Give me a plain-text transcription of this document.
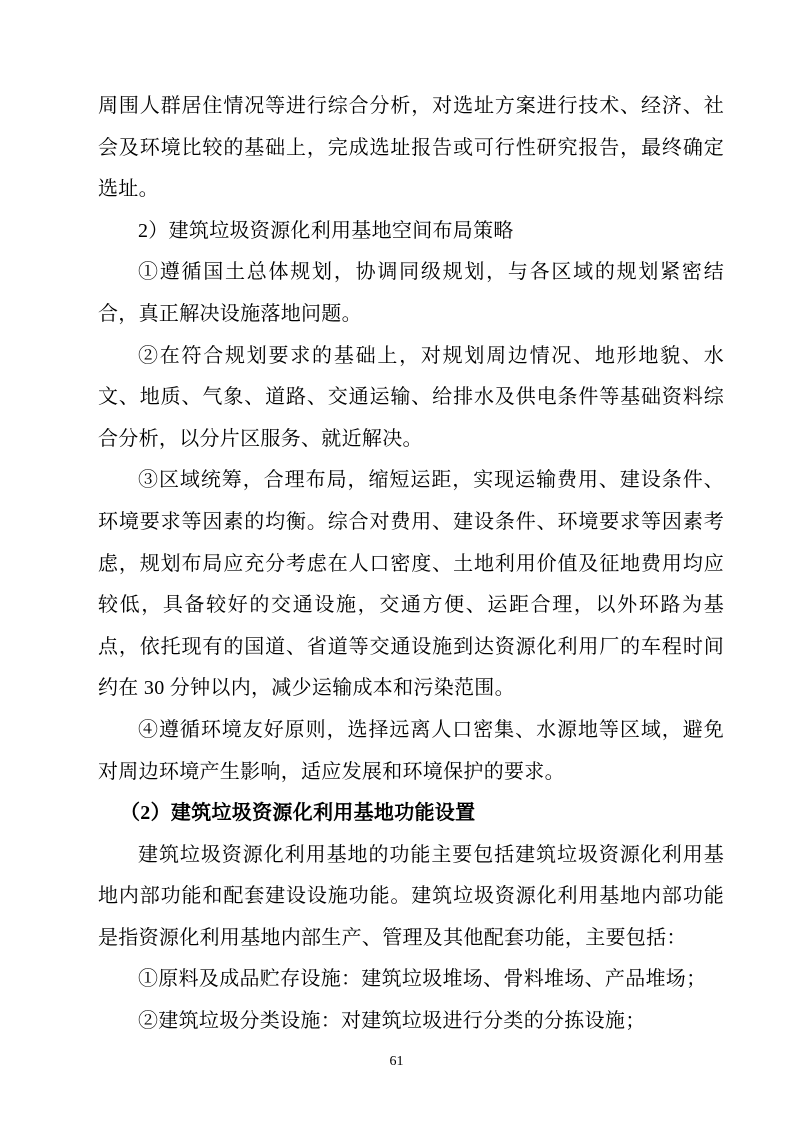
周围人群居住情况等进行综合分析，对选址方案进行技术、经济、社会及环境比较的基础上，完成选址报告或可行性研究报告，最终确定选址。

2）建筑垃圾资源化利用基地空间布局策略

①遵循国土总体规划，协调同级规划，与各区域的规划紧密结合，真正解决设施落地问题。

②在符合规划要求的基础上，对规划周边情况、地形地貌、水文、地质、气象、道路、交通运输、给排水及供电条件等基础资料综合分析，以分片区服务、就近解决。

③区域统筹，合理布局，缩短运距，实现运输费用、建设条件、环境要求等因素的均衡。综合对费用、建设条件、环境要求等因素考虑，规划布局应充分考虑在人口密度、土地利用价值及征地费用均应较低，具备较好的交通设施，交通方便、运距合理，以外环路为基点，依托现有的国道、省道等交通设施到达资源化利用厂的车程时间约在 30 分钟以内，减少运输成本和污染范围。

④遵循环境友好原则，选择远离人口密集、水源地等区域，避免对周边环境产生影响，适应发展和环境保护的要求。

（2）建筑垃圾资源化利用基地功能设置

建筑垃圾资源化利用基地的功能主要包括建筑垃圾资源化利用基地内部功能和配套建设设施功能。建筑垃圾资源化利用基地内部功能是指资源化利用基地内部生产、管理及其他配套功能，主要包括：

①原料及成品贮存设施：建筑垃圾堆场、骨料堆场、产品堆场；

②建筑垃圾分类设施：对建筑垃圾进行分类的分拣设施；

61
